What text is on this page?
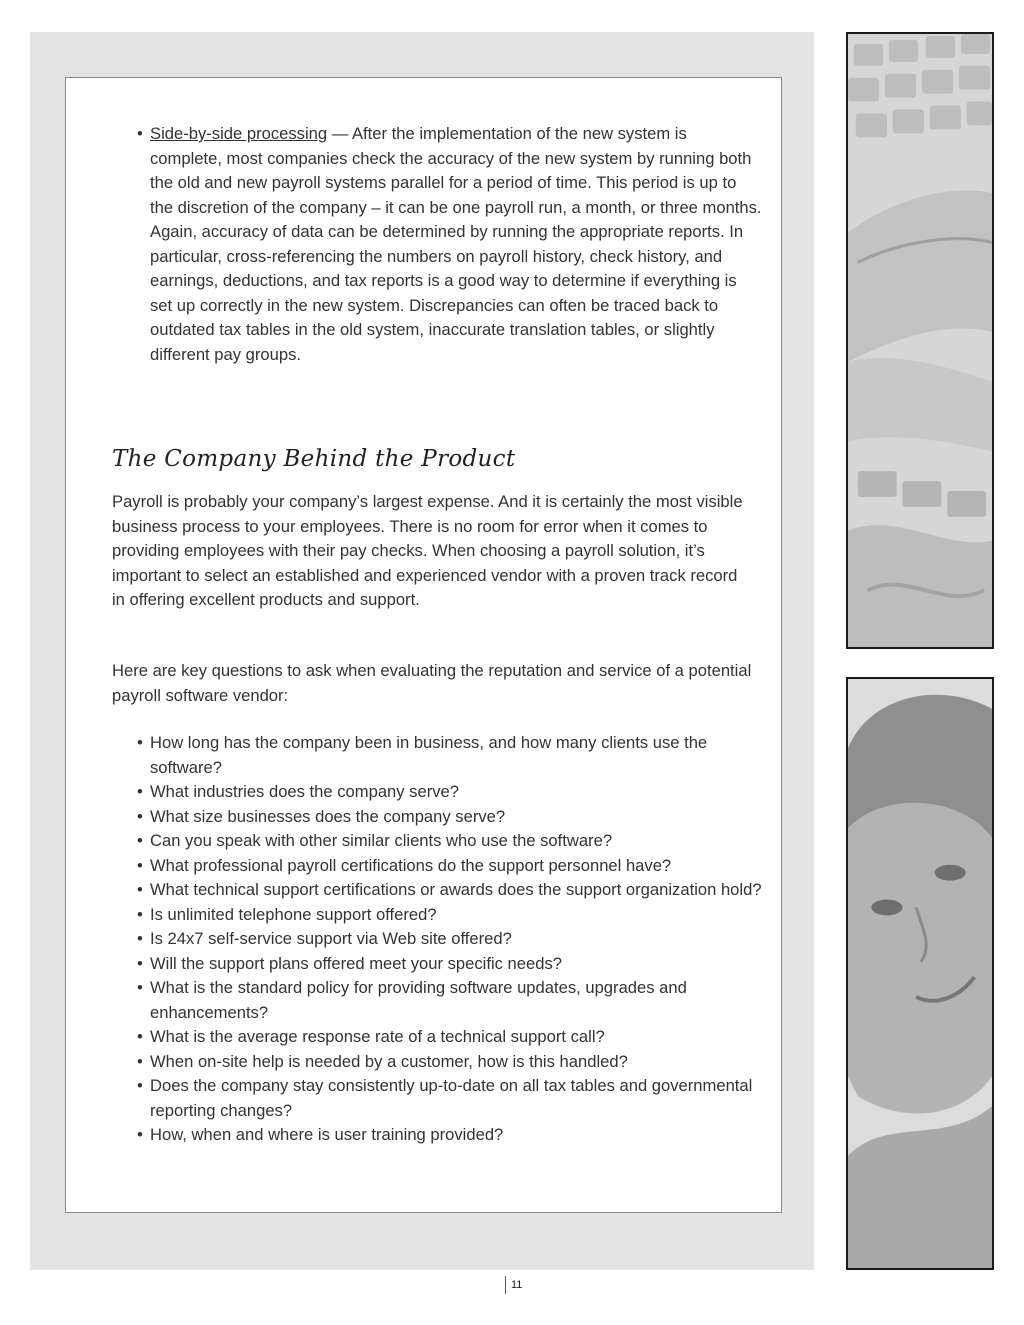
• Side-by-side processing — After the implementation of the new system is complete, most companies check the accuracy of the new system by running both the old and new payroll systems parallel for a period of time. This period is up to the discretion of the company – it can be one payroll run, a month, or three months. Again, accuracy of data can be determined by running the appropriate reports. In particular, cross-referencing the numbers on payroll history, check history, and earnings, deductions, and tax reports is a good way to determine if everything is set up correctly in the new system. Discrepancies can often be traced back to outdated tax tables in the old system, inaccurate translation tables, or slightly different pay groups.
The Company Behind the Product

Payroll is probably your company’s largest expense. And it is certainly the most visible business process to your employees. There is no room for error when it comes to providing employees with their pay checks. When choosing a payroll solution, it’s important to select an established and experienced vendor with a proven track record in offering excellent products and support.

Here are key questions to ask when evaluating the reputation and service of a potential payroll software vendor:

• How long has the company been in business, and how many clients use the software?
• What industries does the company serve?
• What size businesses does the company serve?
• Can you speak with other similar clients who use the software?
• What professional payroll certifications do the support personnel have?
• What technical support certifications or awards does the support organization hold?
• Is unlimited telephone support offered?
• Is 24x7 self-service support via Web site offered?
• Will the support plans offered meet your specific needs?
• What is the standard policy for providing software updates, upgrades and enhancements?
• What is the average response rate of a technical support call?
• When on-site help is needed by a customer, how is this handled?
• Does the company stay consistently up-to-date on all tax tables and governmental reporting changes?
• How, when and where is user training provided?
11
